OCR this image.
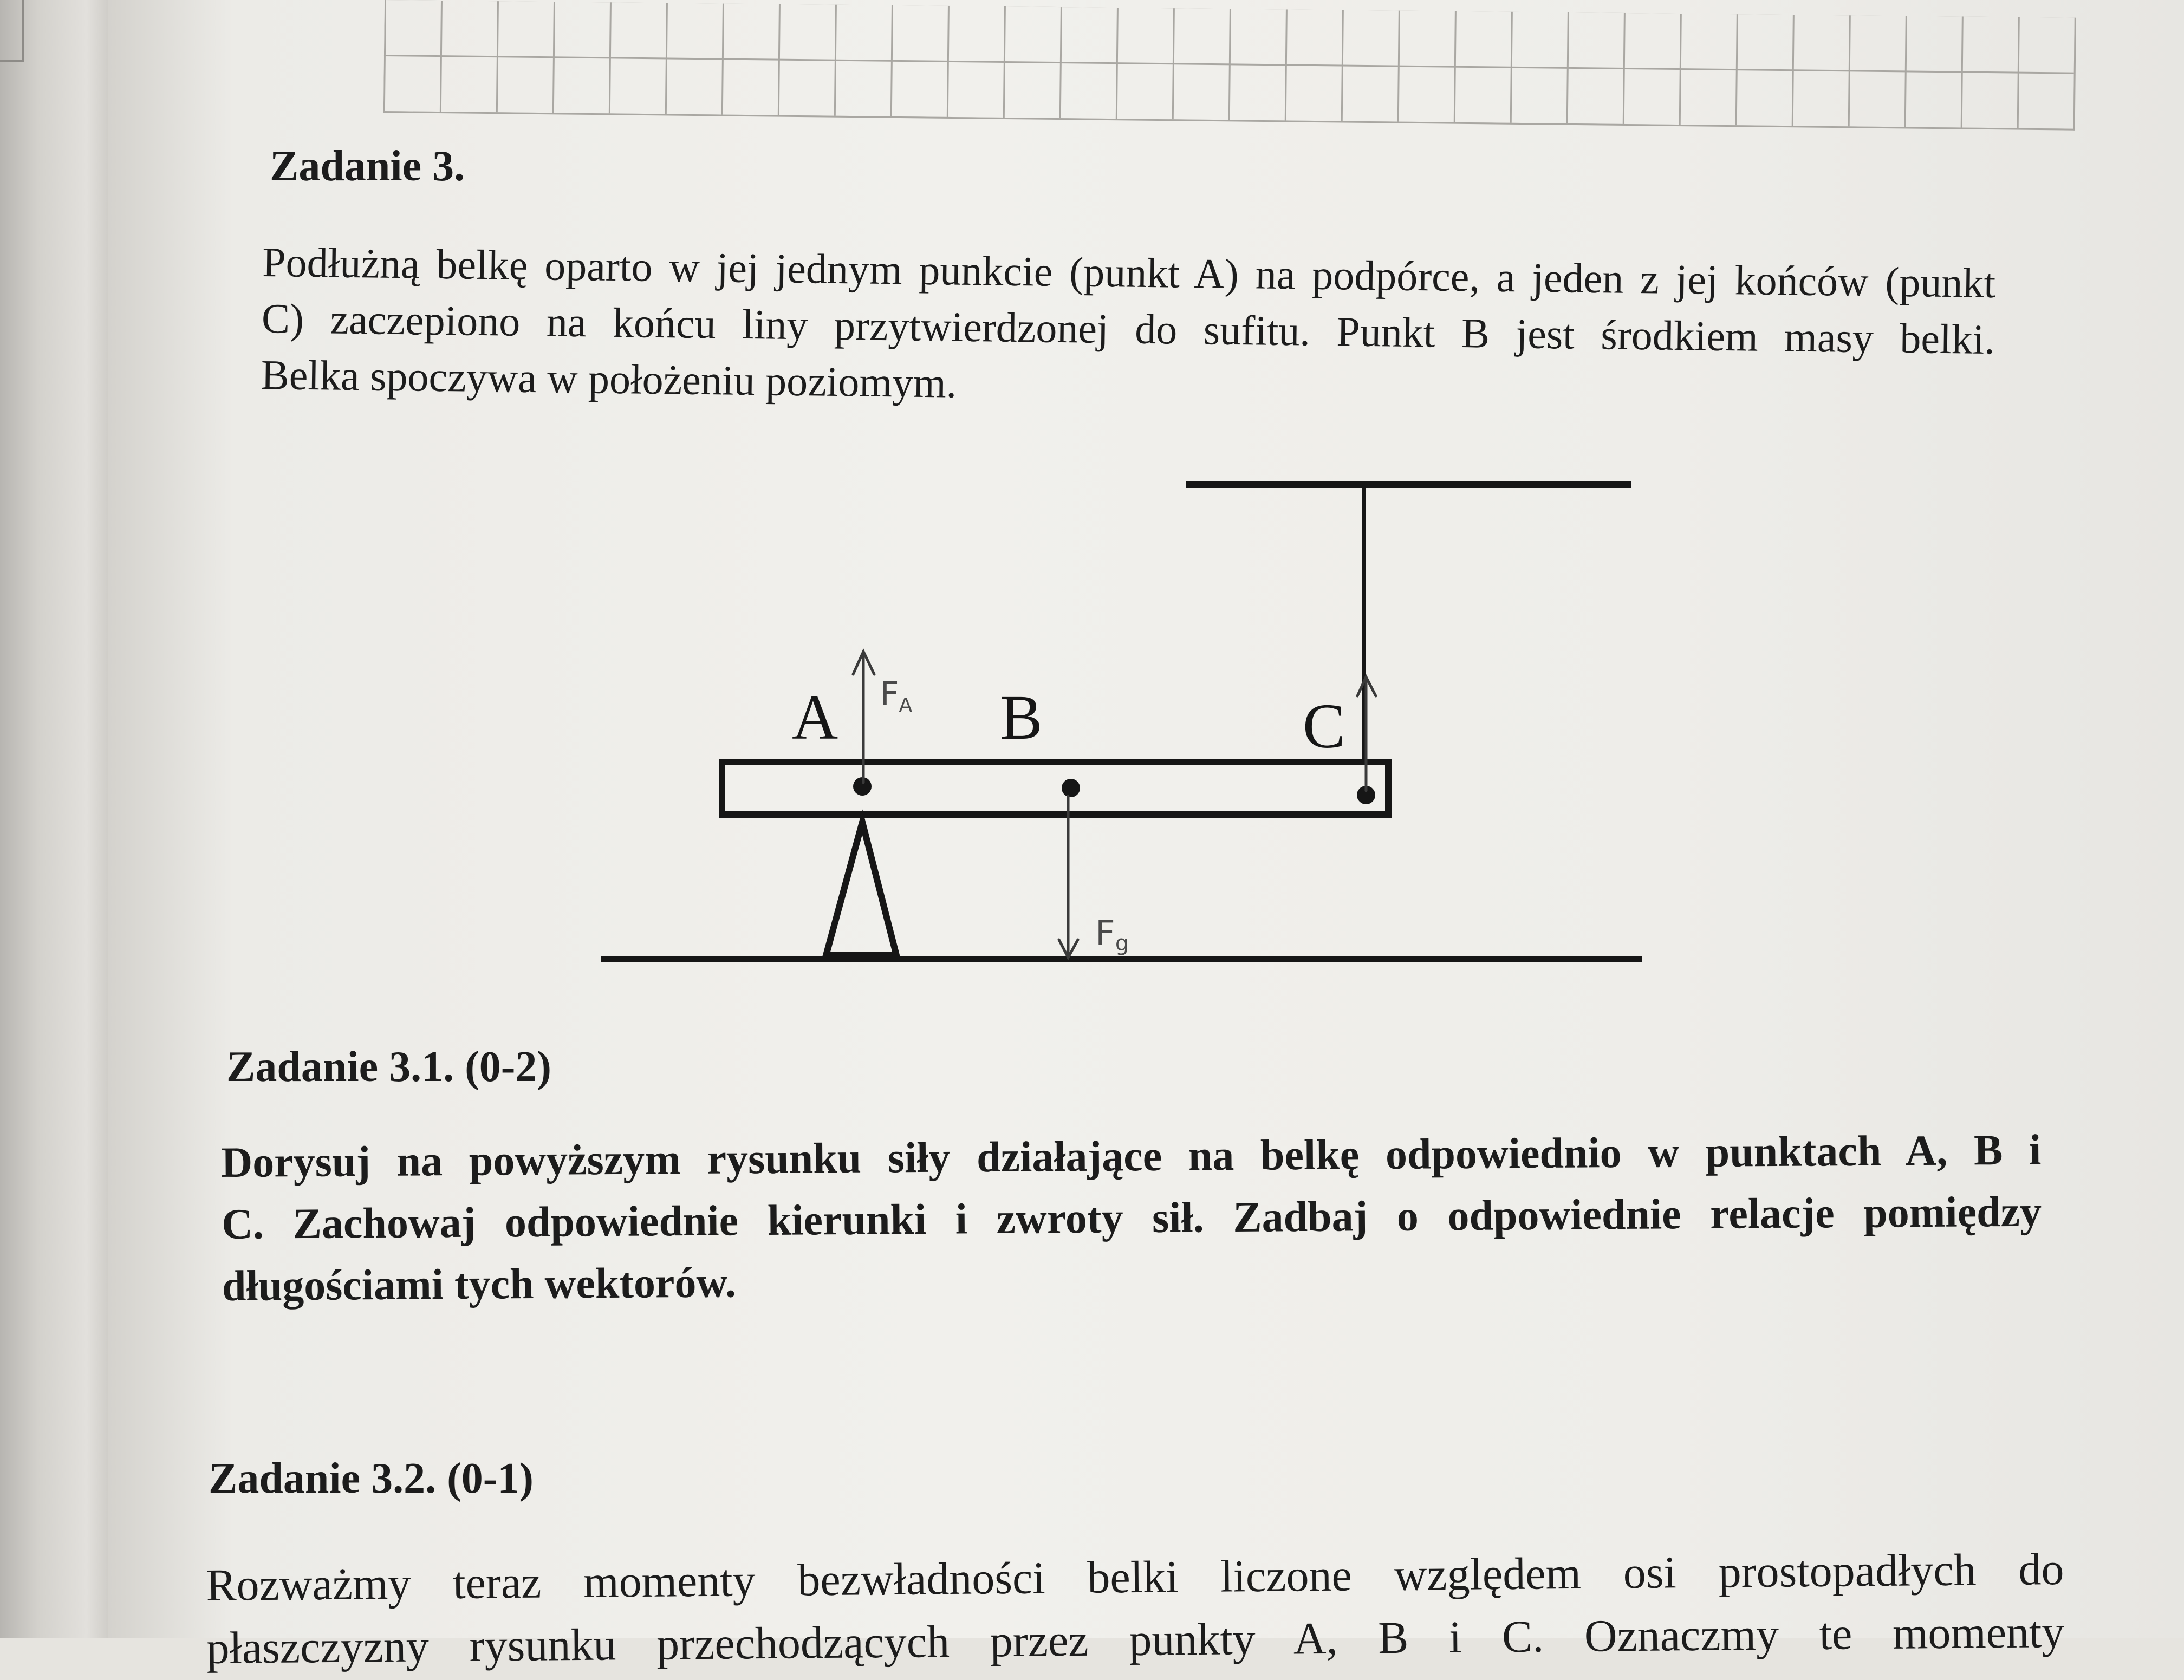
Zadanie 3.
Podłużną belkę oparto w jej jednym punkcie (punkt A) na podpórce, a jeden z jej końców (punkt
C) zaczepiono na końcu liny przytwierdzonej do sufitu. Punkt B jest środkiem masy belki.
Belka spoczywa w położeniu poziomym.
A	B	C
$F_A$
Fg
Zadanie 3.1. (0-2)
Dorysuj na powyższym rysunku siły działające na belkę odpowiednio w punktach A, B i
C. Zachowaj odpowiednie kierunki i zwroty sił. Zadbaj o odpowiednie relacje pomiędzy
długościami tych wektorów.
Zadanie 3.2. (0-1)
Rozważmy teraz momenty bezwładności belki liczone względem osi prostopadłych do
płaszczyzny rysunku przechodzących przez punkty A, B i C. Oznaczmy te momenty
